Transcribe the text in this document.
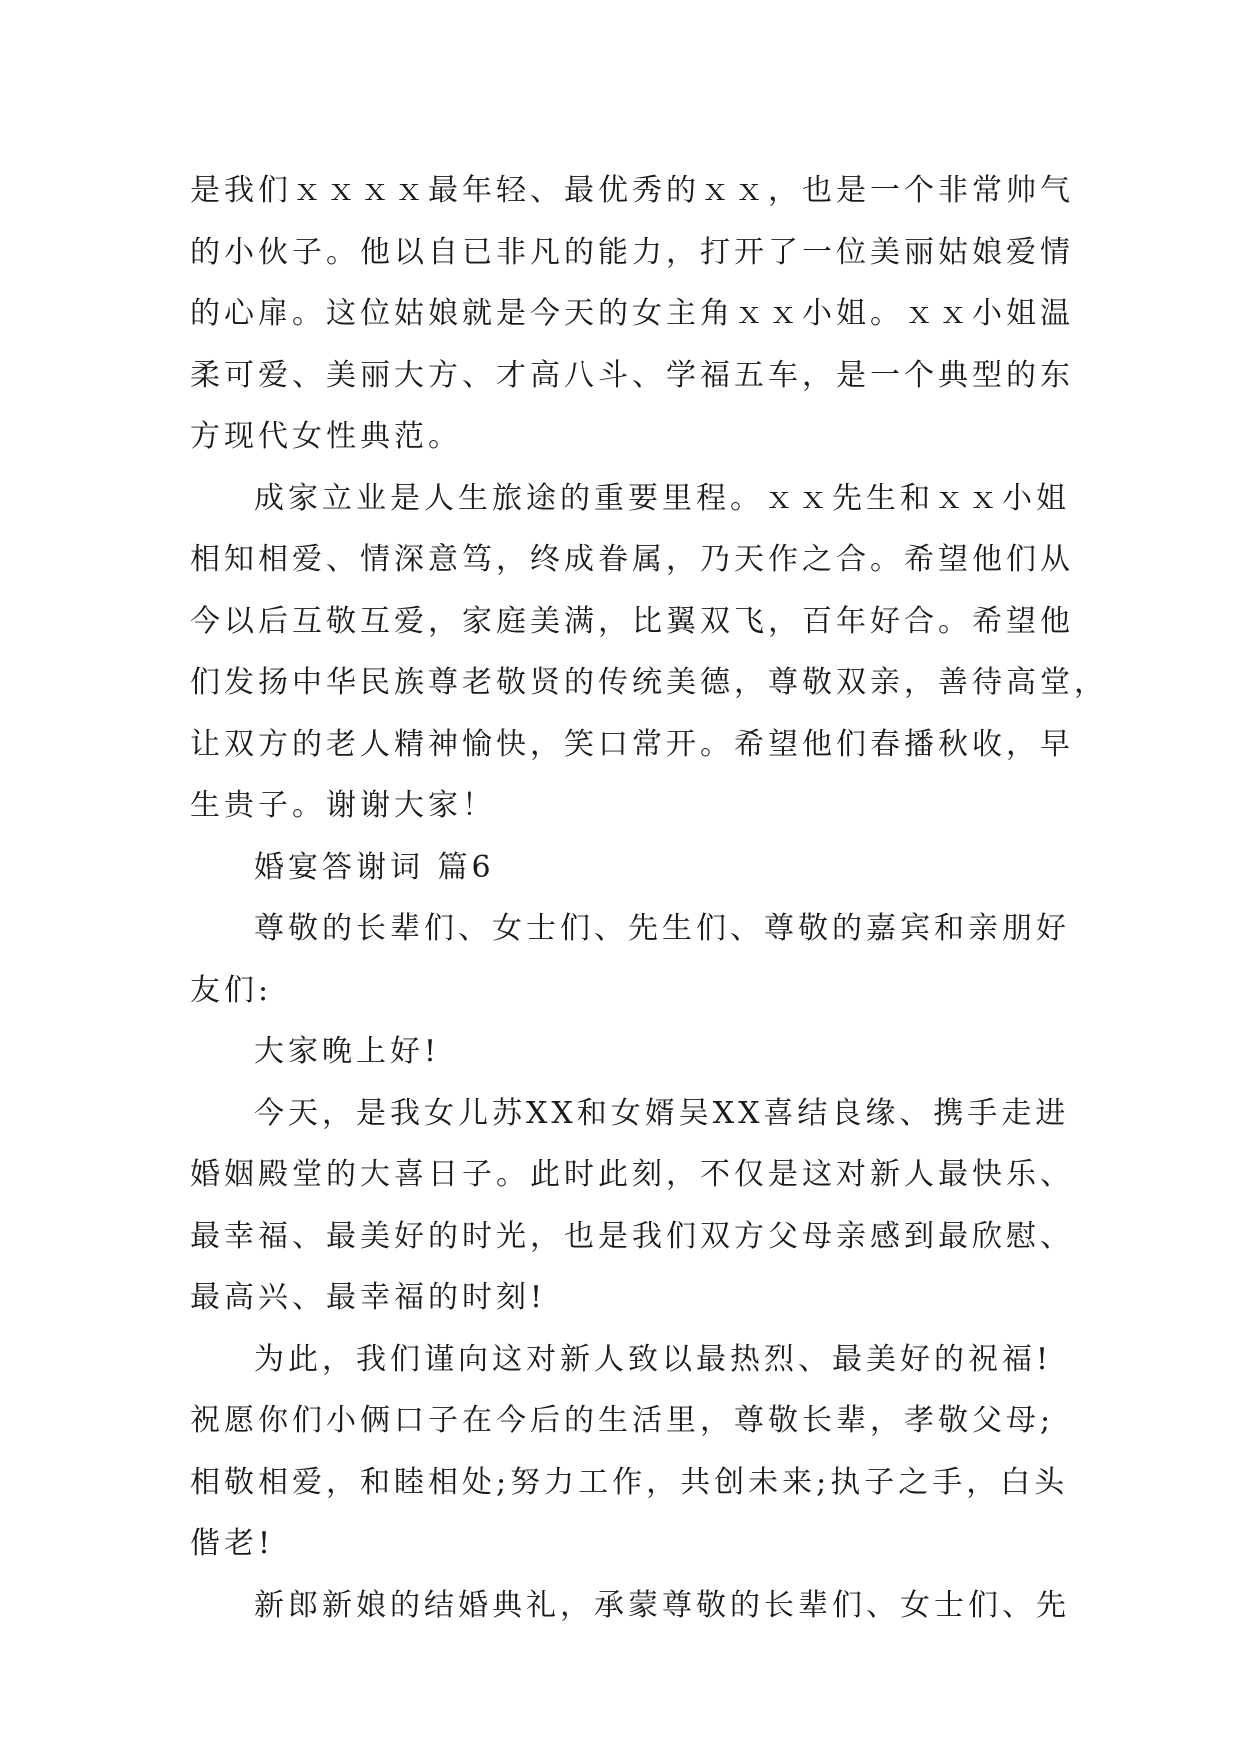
是我们ｘｘｘｘ最年轻、最优秀的ｘｘ，也是一个非常帅气
的小伙子。他以自已非凡的能力，打开了一位美丽姑娘爱情
的心扉。这位姑娘就是今天的女主角ｘｘ小姐。ｘｘ小姐温
柔可爱、美丽大方、才高八斗、学福五车，是一个典型的东
方现代女性典范。
成家立业是人生旅途的重要里程。ｘｘ先生和ｘｘ小姐
相知相爱、情深意笃，终成眷属，乃天作之合。希望他们从
今以后互敬互爱，家庭美满，比翼双飞，百年好合。希望他
们发扬中华民族尊老敬贤的传统美德，尊敬双亲，善待高堂，
让双方的老人精神愉快，笑口常开。希望他们春播秋收，早
生贵子。谢谢大家！
婚宴答谢词 篇6
尊敬的长辈们、女士们、先生们、尊敬的嘉宾和亲朋好
友们:
大家晚上好!
今天，是我女儿苏XX和女婿吴XX喜结良缘、携手走进
婚姻殿堂的大喜日子。此时此刻，不仅是这对新人最快乐、
最幸福、最美好的时光，也是我们双方父母亲感到最欣慰、
最高兴、最幸福的时刻!
为此，我们谨向这对新人致以最热烈、最美好的祝福!
祝愿你们小俩口子在今后的生活里，尊敬长辈，孝敬父母;
相敬相爱，和睦相处;努力工作，共创未来;执子之手，白头
偕老!
新郎新娘的结婚典礼，承蒙尊敬的长辈们、女士们、先
